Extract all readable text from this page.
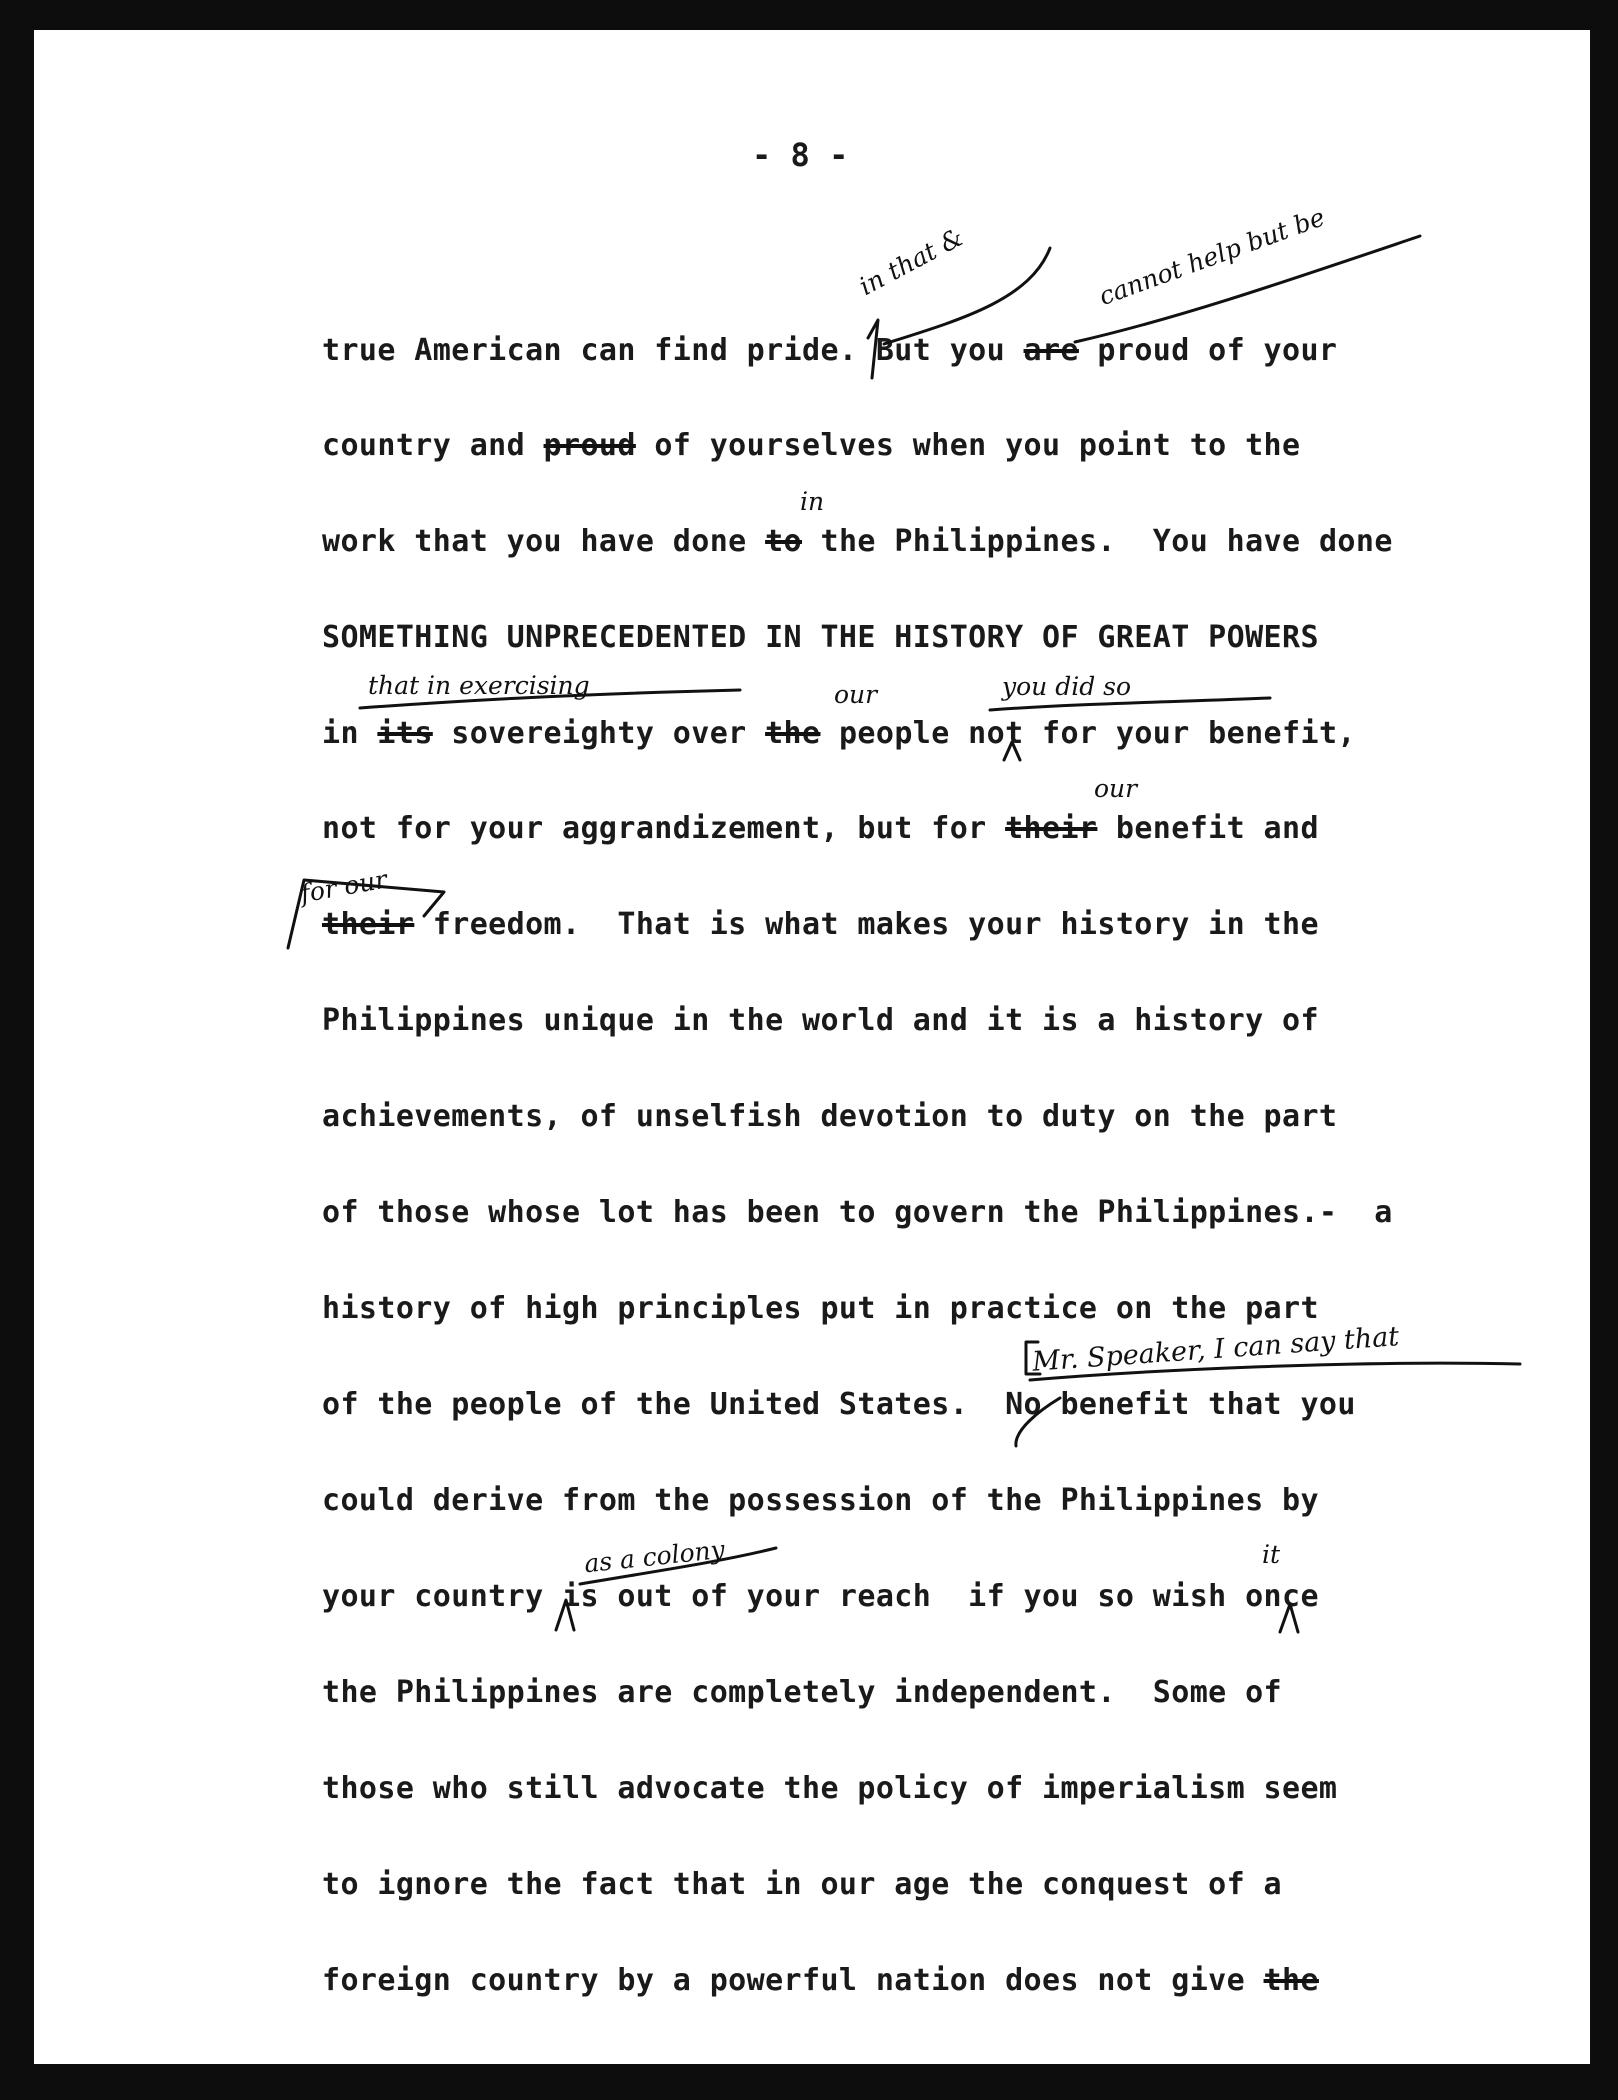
- 8 -
true American can find pride. But you are proud of your
country and proud of yourselves when you point to the
work that you have done to the Philippines.  You have done
SOMETHING UNPRECEDENTED IN THE HISTORY OF GREAT POWERS
in its sovereighty over the people not for your benefit,
not for your aggrandizement, but for their benefit and
their freedom.  That is what makes your history in the
Philippines unique in the world and it is a history of
achievements, of unselfish devotion to duty on the part
of those whose lot has been to govern the Philippines.-  a
history of high principles put in practice on the part
of the people of the United States.  No benefit that you
could derive from the possession of the Philippines by
your country is out of your reach  if you so wish once
the Philippines are completely independent.  Some of
those who still advocate the policy of imperialism seem
to ignore the fact that in our age the conquest of a
foreign country by a powerful nation does not give the
in that &	cannot help but be
in
that in exercising	our	you did so
our
for our
Mr. Speaker, I can say that
as a colony	it
